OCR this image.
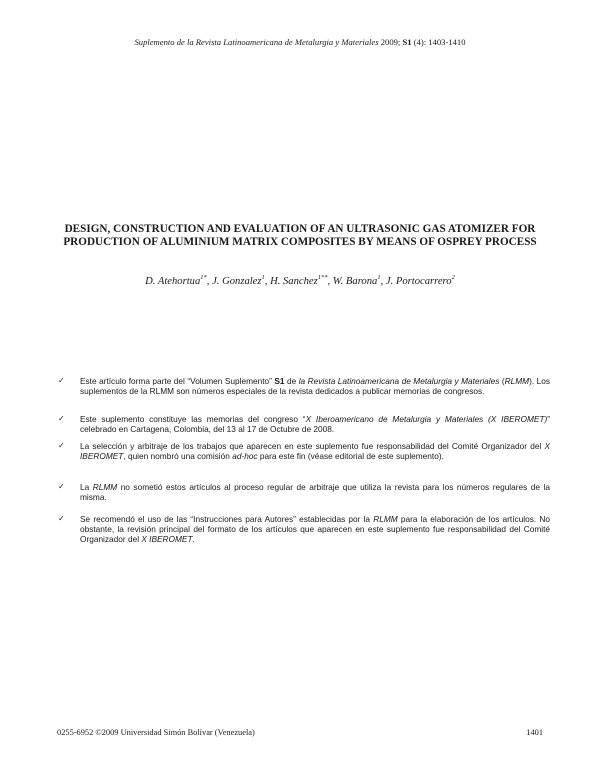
Suplemento de la Revista Latinoamericana de Metalurgia y Materiales 2009; S1 (4): 1403-1410
DESIGN, CONSTRUCTION AND EVALUATION OF AN ULTRASONIC GAS ATOMIZER FOR PRODUCTION OF ALUMINIUM MATRIX COMPOSITES BY MEANS OF OSPREY PROCESS
D. Atehortua$^{1*}$, J. Gonzalez$^1$, H. Sanchez$^{1**}$, W. Barona$^1$, J. Portocarrero$^2$
✓ Este artículo forma parte del “Volumen Suplemento” S1 de la Revista Latinoamericana de Metalurgia y Materiales (RLMM). Los suplementos de la RLMM son números especiales de la revista dedicados a publicar memorias de congresos.
✓ Este suplemento constituye las memorias del congreso “X Iberoamericano de Metalurgia y Materiales (X IBEROMET)” celebrado en Cartagena, Colombia, del 13 al 17 de Octubre de 2008.
✓ La selección y arbitraje de los trabajos que aparecen en este suplemento fue responsabilidad del Comité Organizador del X IBEROMET, quien nombró una comisión ad-hoc para este fin (véase editorial de este suplemento).
✓ La RLMM no sometió estos artículos al proceso regular de arbitraje que utiliza la revista para los números regulares de la misma.
✓ Se recomendó el uso de las “Instrucciones para Autores” establecidas por la RLMM para la elaboración de los artículos. No obstante, la revisión principal del formato de los artículos que aparecen en este suplemento fue responsabilidad del Comité Organizador del X IBEROMET.
0255-6952 ©2009 Universidad Simón Bolívar (Venezuela)	1401
